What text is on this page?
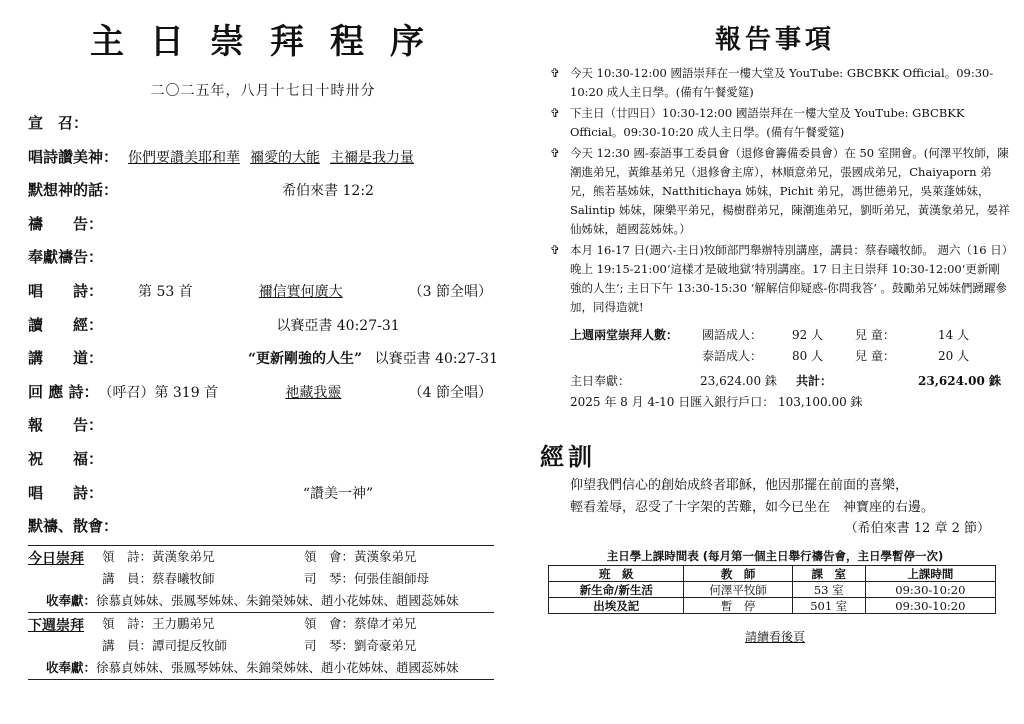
主日崇拜程序
二〇二五年，八月十七日十時卅分
宣　召：
唱詩讚美神： 你們要讚美耶和華 禰愛的大能 主禰是我力量
默想神的話：	希伯來書 12:2
禱　　告：
奉獻禱告：
唱　　詩：	第 53 首	禰信實何廣大	（3 節全唱）
讀　　經：	以賽亞書 40:27-31
講　　道：	“更新剛強的人生” 以賽亞書 40:27-31
回 應 詩： （呼召）第 319 首	祂藏我靈	（4 節全唱）
報　　告：
祝　　福：
唱　　詩：	“讚美一神”
默禱、散會：
今日崇拜 領　詩：黃漢象弟兄	領　會：黃漢象弟兄
講　員：蔡春曦牧師	司　琴：何張佳韻師母
收奉獻：徐慕貞姊妹、張鳳琴姊妹、朱錦榮姊妹、趙小花姊妹、趙國蕊姊妹
下週崇拜 領　詩：王力鵬弟兄	領　會：蔡偉才弟兄
講　員：譚司提反牧師	司　琴：劉奇豪弟兄
收奉獻：徐慕貞姊妹、張鳳琴姊妹、朱錦榮姊妹、趙小花姊妹、趙國蕊姊妹
報告事項
✞ 今天 10:30-12:00 國語崇拜在一樓大堂及 YouTube: GBCBKK Official。09:30-10:20 成人主日學。(備有午餐愛筵)
✞ 下主日（廿四日）10:30-12:00 國語崇拜在一樓大堂及 YouTube: GBCBKK Official。09:30-10:20 成人主日學。(備有午餐愛筵)
✞ 今天 12:30 國-泰語事工委員會（退修會籌備委員會）在 50 室開會。(何澤平牧師，陳潮進弟兄，黃維基弟兄（退修會主席），林順意弟兄，張國成弟兄，Chaiyaporn 弟兄，熊若基姊妹，Natthitichaya 姊妹，Pichit 弟兄，馮世德弟兄，吳萊蓬姊妹，Salintip 姊妹，陳樂平弟兄，楊樹群弟兄，陳潮進弟兄，劉昕弟兄，黃漢象弟兄，晏祥仙姊妹，趙國蕊姊妹。）
✞ 本月 16-17 日(週六-主日)牧師部門舉辦特別講座，講員：蔡春曦牧師。 週六（16 日）晚上 19:15-21:00‘這樣才是破地獄’特別講座。17 日主日崇拜 10:30-12:00‘更新剛強的人生’; 主日下午 13:30-15:30 ‘解解信仰疑惑-你問我答’ 。鼓勵弟兄姊妹們踴躍參加，同得造就!
上週兩堂崇拜人數： 國語成人： 92 人	兒 童：	14 人
泰語成人： 80 人	兒 童：	20 人
主日奉獻：	23,624.00 銖 共計：	23,624.00 銖
2025 年 8 月 4-10 日匯入銀行戶口： 103,100.00 銖
經訓
仰望我們信心的創始成終者耶穌，他因那擺在前面的喜樂，
輕看羞辱，忍受了十字架的苦難，如今已坐在　神寶座的右邊。
（希伯來書 12 章 2 節）
主日學上課時間表 (每月第一個主日舉行禱告會，主日學暫停一次)
班　級	教　師	課　室	上課時間
新生命/新生活	何澤平牧師	53 室	09:30-10:20
出埃及記	暫　停	501 室	09:30-10:20
請續看後頁
